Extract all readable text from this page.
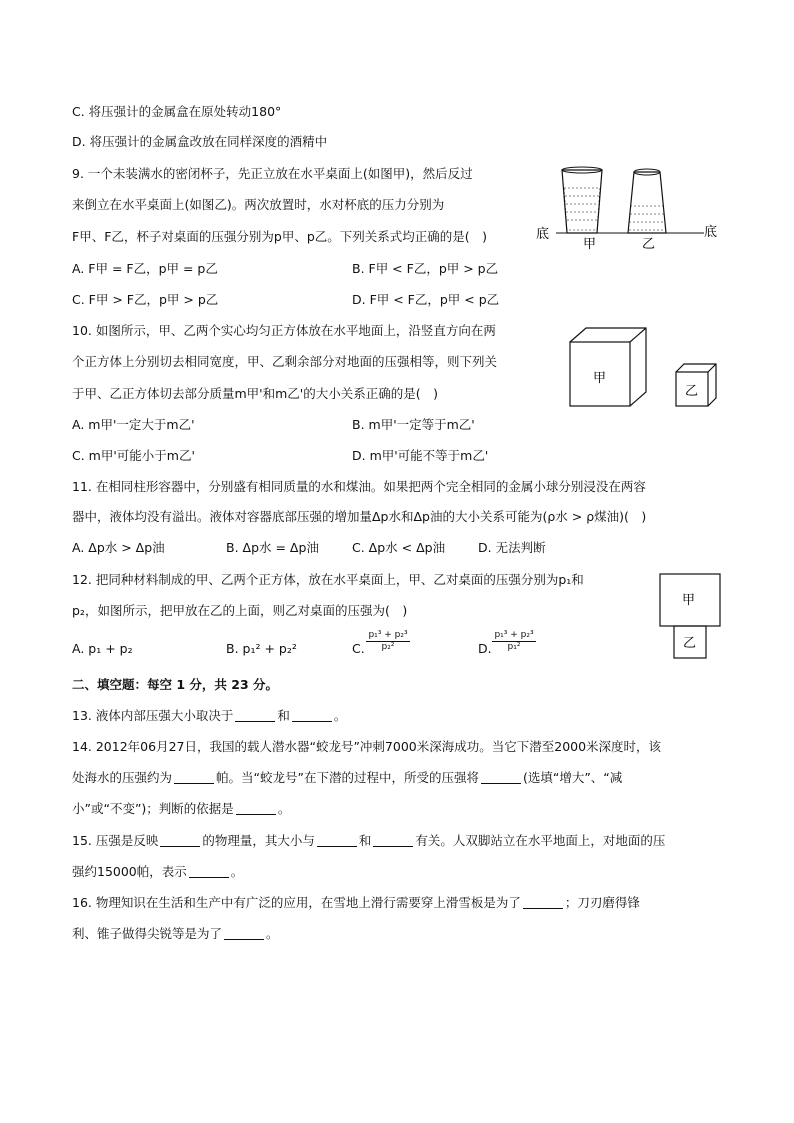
C. 将压强计的金属盒在原处转动180°
D. 将压强计的金属盒改放在同样深度的酒精中
9. 一个未装满水的密闭杯子，先正立放在水平桌面上(如图甲)，然后反过
来倒立在水平桌面上(如图乙)。两次放置时，水对杯底的压力分别为
F甲、F乙，杯子对桌面的压强分别为p甲、p乙。下列关系式均正确的是(　)
A. F甲 = F乙，p甲 = p乙	B. F甲 < F乙，p甲 > p乙
C. F甲 > F乙，p甲 > p乙	D. F甲 < F乙，p甲 < p乙
底	底
甲	乙
10. 如图所示，甲、乙两个实心均匀正方体放在水平地面上，沿竖直方向在两
个正方体上分别切去相同宽度，甲、乙剩余部分对地面的压强相等，则下列关
于甲、乙正方体切去部分质量m甲'和m乙'的大小关系正确的是(　)
A. m甲'一定大于m乙'	B. m甲'一定等于m乙'
C. m甲'可能小于m乙'	D. m甲'可能不等于m乙'
甲
乙
11. 在相同柱形容器中，分别盛有相同质量的水和煤油。如果把两个完全相同的金属小球分别浸没在两容
器中，液体均没有溢出。液体对容器底部压强的增加量Δp水和Δp油的大小关系可能为(ρ水 > ρ煤油)(　)
A. Δp水 > Δp油	B. Δp水 = Δp油	C. Δp水 < Δp油	D. 无法判断
12. 把同种材料制成的甲、乙两个正方体，放在水平桌面上，甲、乙对桌面的压强分别为p₁和
p₂，如图所示，把甲放在乙的上面，则乙对桌面的压强为(　)
A. p₁ + p₂	B. p₁² + p₂²	C. $\frac{\text{p₁³ + p₂³}}{\text{p₂²}}$	D. $\frac{\text{p₁³ + p₂³}}{\text{p₁²}}$
甲
乙
二、填空题：每空 1 分，共 23 分。
13. 液体内部压强大小取决于	和	。
14. 2012年06月27日，我国的载人潜水器“蛟龙号”冲刺7000米深海成功。当它下潜至2000米深度时，该
处海水的压强约为	帕。当“蛟龙号”在下潜的过程中，所受的压强将	(选填“增大”、“减
小”或“不变”)；判断的依据是	。
15. 压强是反映	的物理量，其大小与	和	有关。人双脚站立在水平地面上，对地面的压
强约15000帕，表示	。
16. 物理知识在生活和生产中有广泛的应用，在雪地上滑行需要穿上滑雪板是为了	；刀刃磨得锋
利、锥子做得尖锐等是为了	。
